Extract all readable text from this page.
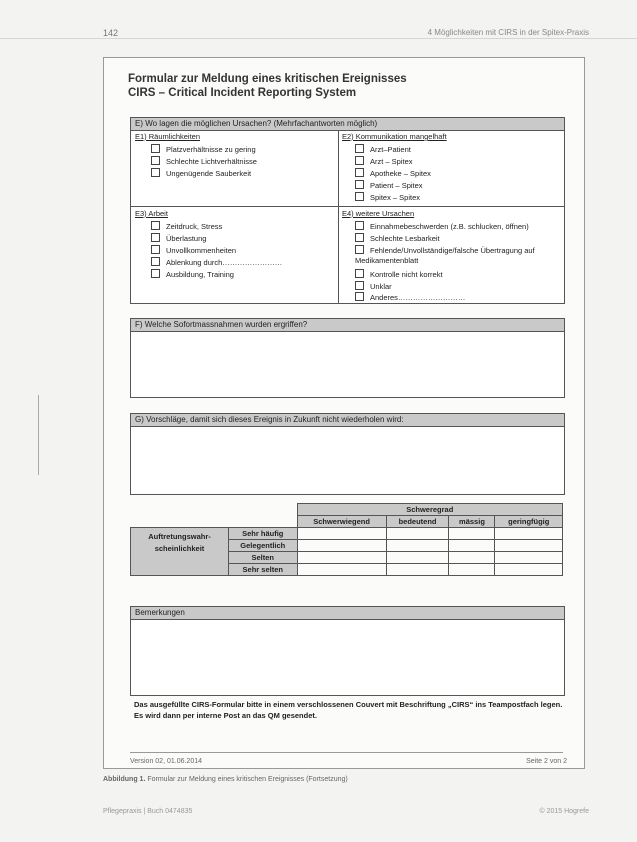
142	4 Möglichkeiten mit CIRS in der Spitex-Praxis
Formular zur Meldung eines kritischen Ereignisses
CIRS – Critical Incident Reporting System
E) Wo lagen die möglichen Ursachen? (Mehrfachantworten möglich)
E1) Räumlichkeiten
Platzverhältnisse zu gering
Schlechte Lichtverhältnisse
Ungenügende Sauberkeit
E2) Kommunikation mangelhaft
Arzt–Patient
Arzt – Spitex
Apotheke – Spitex
Patient – Spitex
Spitex – Spitex
E3) Arbeit
Zeitdruck, Stress
Überlastung
Unvollkommenheiten
Ablenkung durch……………………
Ausbildung, Training
E4) weitere Ursachen
Einnahmebeschwerden (z.B. schlucken, öffnen)
Schlechte Lesbarkeit
Fehlende/Unvollständige/falsche Übertragung auf Medikamentenblatt
Kontrolle nicht korrekt
Unklar
Anderes………………………
F) Welche Sofortmassnahmen wurden ergriffen?
G) Vorschläge, damit sich dieses Ereignis in Zukunft nicht wiederholen wird:
		Schweregrad			
		Schwerwiegend	bedeutend	mässig	geringfügig

Auftretungswahr-
scheinlichkeit	Sehr häufig				
	Gelegentlich				
	Selten				
	Sehr selten				
Bemerkungen
Das ausgefüllte CIRS-Formular bitte in einem verschlossenen Couvert mit Beschriftung „CIRS“ ins Teampostfach legen. Es wird dann per interne Post an das QM gesendet.
Version 02, 01.06.2014	Seite 2 von 2
Abbildung 1. Formular zur Meldung eines kritischen Ereignisses (Fortsetzung)
Pflegepraxis | Buch 0474835	© 2015 Hogrefe
